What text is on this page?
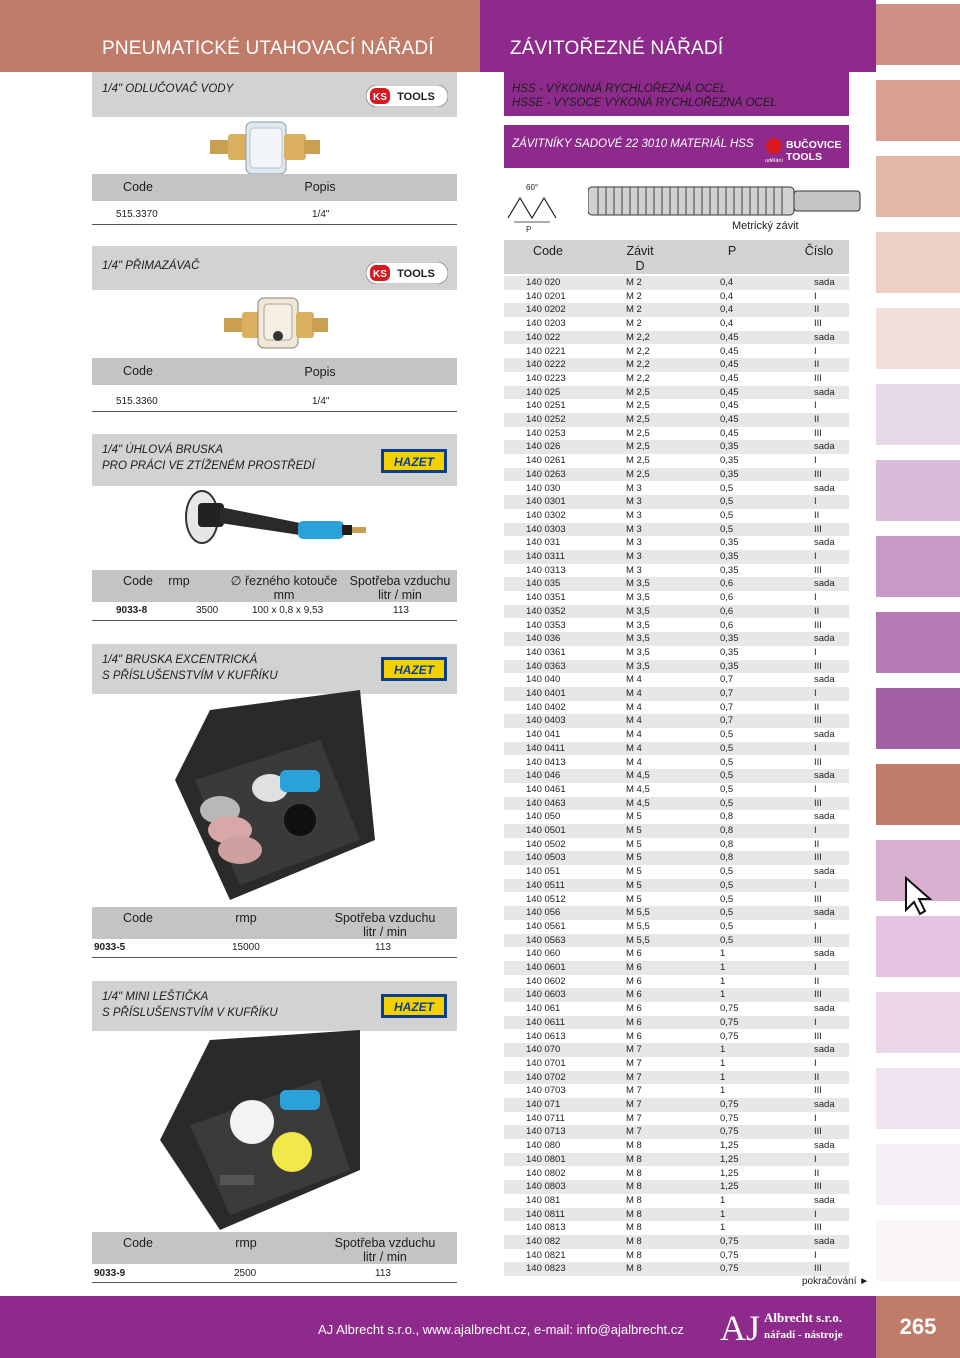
PNEUMATICKÉ UTAHOVACÍ NÁŘADÍ	ZÁVITOŘEZNÉ NÁŘADÍ
1/4" ODLUČOVAČ VODY
KS TOOLS
Code	Popis
515.3370	1/4"
1/4" PŘIMAZÁVAČ
KS TOOLS
Code	Popis
515.3360	1/4"
1/4" ÚHLOVÁ BRUSKA
PRO PRÁCI VE ZTÍŽENÉM PROSTŘEDÍ	HAZET
Code	rmp	∅ řezného kotouče
mm
Spotřeba vzduchu
litr / min
9033-8	3500	100 x 0,8 x 9,53	113
1/4" BRUSKA EXCENTRICKÁ
S PŘÍSLUŠENSTVÍM V KUFŘÍKU	HAZET
Code	rmp	Spotřeba vzduchu
litr / min
9033-5	15000	113
1/4" MINI LEŠTIČKA
S PŘÍSLUŠENSTVÍM V KUFŘÍKU	HAZET
Code	rmp	Spotřeba vzduchu
litr / min
9033-9	2500	113
HSS - VÝKONNÁ RYCHLOŘEZNÁ OCEL
HSSE - VYSOCE VÝKONÁ RYCHLOŘEZNÁ OCEL
ZÁVITNÍKY SADOVÉ 22 3010 MATERIÁL HSS
udělání
BUČOVICE
TOOLS
60°
P	Metrický závit
Code	Závit
D
P	Číslo
140 020	M 2	0,4	sada
140 0201	M 2	0,4	I
140 0202	M 2	0,4	II
140 0203	M 2	0,4	III
140 022	M 2,2	0,45	sada
140 0221	M 2,2	0,45	I
140 0222	M 2,2	0,45	II
140 0223	M 2,2	0,45	III
140 025	M 2,5	0,45	sada
140 0251	M 2,5	0,45	I
140 0252	M 2,5	0,45	II
140 0253	M 2,5	0,45	III
140 026	M 2,5	0,35	sada
140 0261	M 2,5	0,35	I
140 0263	M 2,5	0,35	III
140 030	M 3	0,5	sada
140 0301	M 3	0,5	I
140 0302	M 3	0,5	II
140 0303	M 3	0,5	III
140 031	M 3	0,35	sada
140 0311	M 3	0,35	I
140 0313	M 3	0,35	III
140 035	M 3,5	0,6	sada
140 0351	M 3,5	0,6	I
140 0352	M 3,5	0,6	II
140 0353	M 3,5	0,6	III
140 036	M 3,5	0,35	sada
140 0361	M 3,5	0,35	I
140 0363	M 3,5	0,35	III
140 040	M 4	0,7	sada
140 0401	M 4	0,7	I
140 0402	M 4	0,7	II
140 0403	M 4	0,7	III
140 041	M 4	0,5	sada
140 0411	M 4	0,5	I
140 0413	M 4	0,5	III
140 046	M 4,5	0,5	sada
140 0461	M 4,5	0,5	I
140 0463	M 4,5	0,5	III
140 050	M 5	0,8	sada
140 0501	M 5	0,8	I
140 0502	M 5	0,8	II
140 0503	M 5	0,8	III
140 051	M 5	0,5	sada
140 0511	M 5	0,5	I
140 0512	M 5	0,5	III
140 056	M 5,5	0,5	sada
140 0561	M 5,5	0,5	I
140 0563	M 5,5	0,5	III
140 060	M 6	1	sada
140 0601	M 6	1	I
140 0602	M 6	1	II
140 0603	M 6	1	III
140 061	M 6	0,75	sada
140 0611	M 6	0,75	I
140 0613	M 6	0,75	III
140 070	M 7	1	sada
140 0701	M 7	1	I
140 0702	M 7	1	II
140 0703	M 7	1	III
140 071	M 7	0,75	sada
140 0711	M 7	0,75	I
140 0713	M 7	0,75	III
140 080	M 8	1,25	sada
140 0801	M 8	1,25	I
140 0802	M 8	1,25	II
140 0803	M 8	1,25	III
140 081	M 8	1	sada
140 0811	M 8	1	I
140 0813	M 8	1	III
140 082	M 8	0,75	sada
140 0821	M 8	0,75	I
140 0823	M 8	0,75	III
pokračování ►
AJ Albrecht s.r.o., www.ajalbrecht.cz, e-mail: info@ajalbrecht.cz AJ Albrecht s.r.o.
nářadí - nástroje	265
